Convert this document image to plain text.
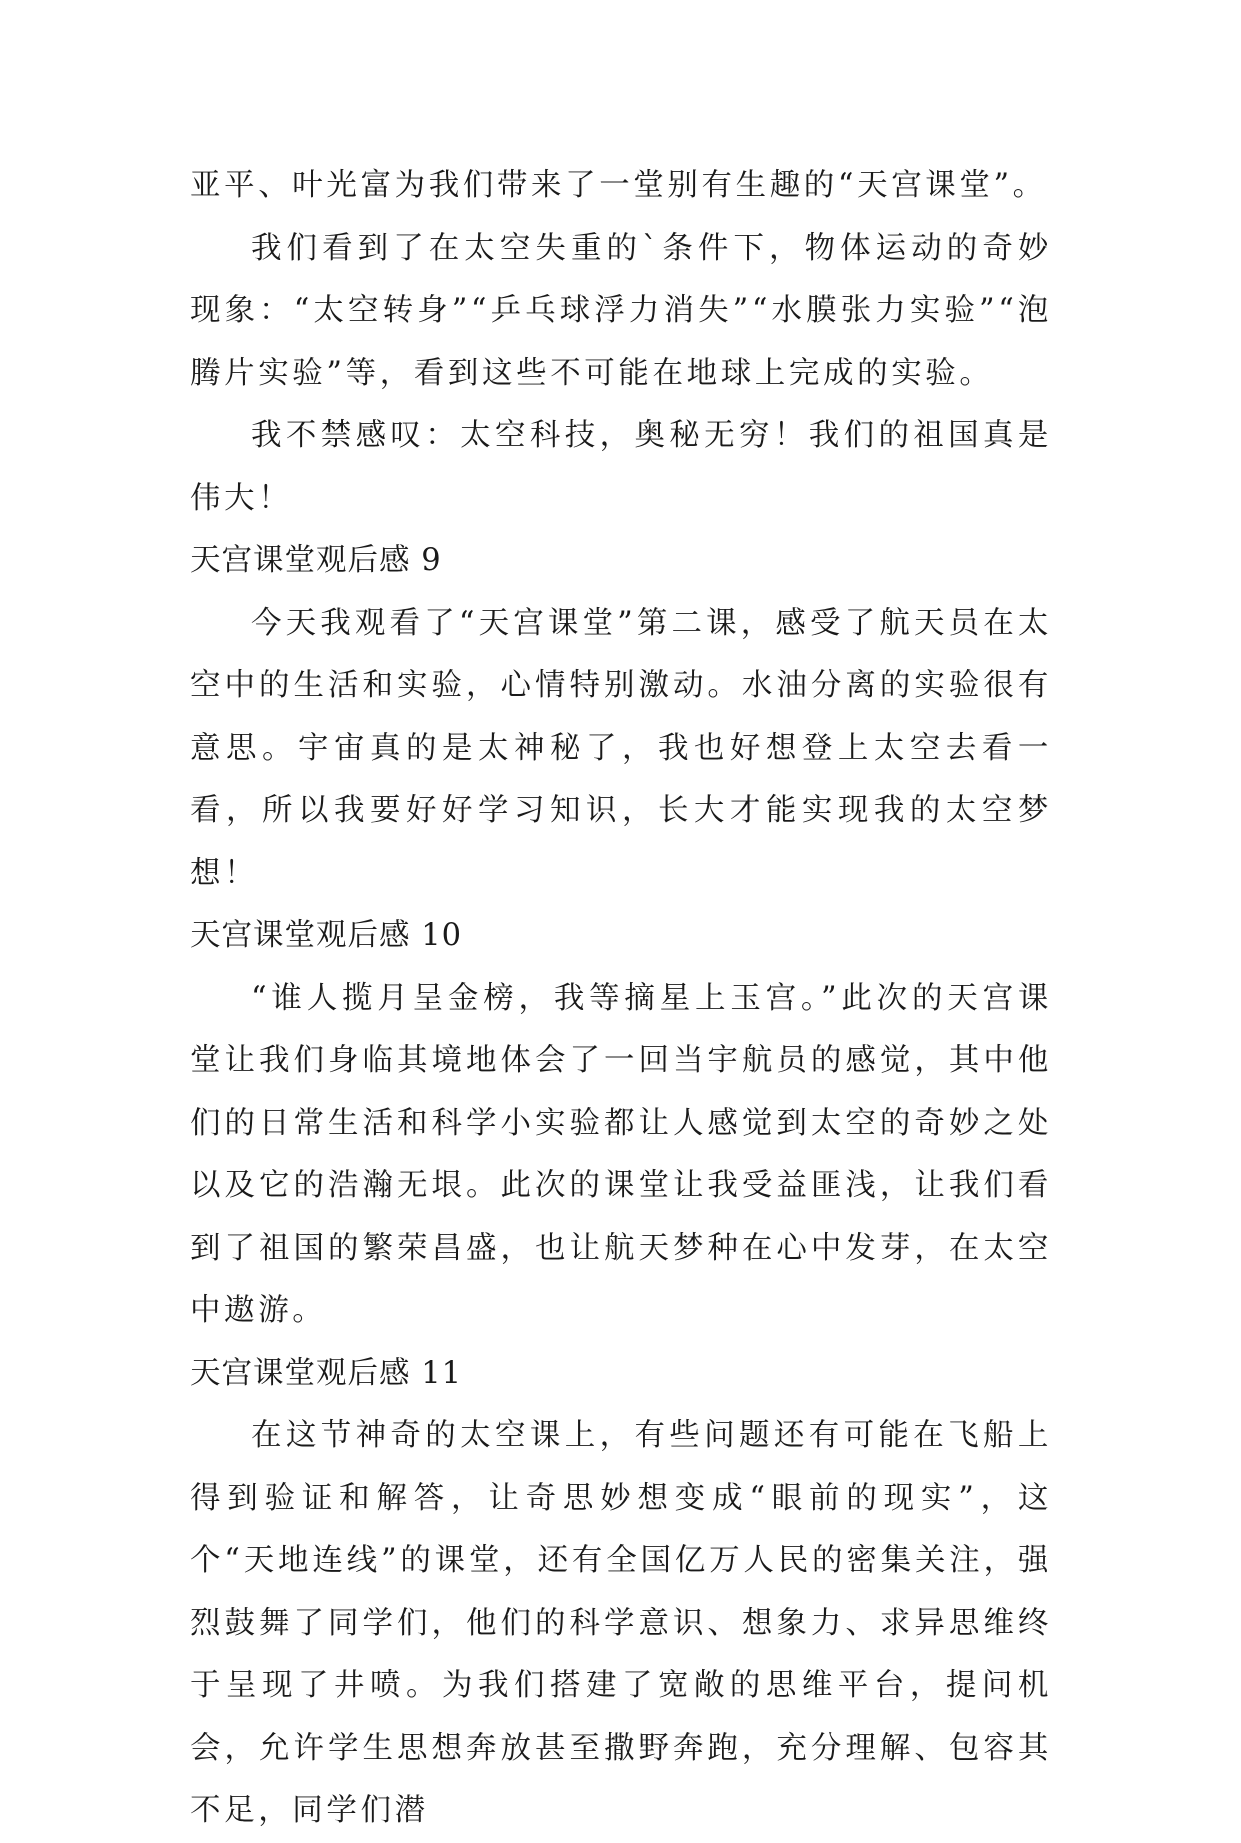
亚平、叶光富为我们带来了一堂别有生趣的“天宫课堂”。

我们看到了在太空失重的`条件下，物体运动的奇妙现象：“太空转身”“乒乓球浮力消失”“水膜张力实验”“泡腾片实验”等，看到这些不可能在地球上完成的实验。

我不禁感叹：太空科技，奥秘无穷！我们的祖国真是伟大！

天宫课堂观后感 9

今天我观看了“天宫课堂”第二课，感受了航天员在太空中的生活和实验，心情特别激动。水油分离的实验很有意思。宇宙真的是太神秘了，我也好想登上太空去看一看，所以我要好好学习知识，长大才能实现我的太空梦想！

天宫课堂观后感 10

“谁人揽月呈金榜，我等摘星上玉宫。”此次的天宫课堂让我们身临其境地体会了一回当宇航员的感觉，其中他们的日常生活和科学小实验都让人感觉到太空的奇妙之处以及它的浩瀚无垠。此次的课堂让我受益匪浅，让我们看到了祖国的繁荣昌盛，也让航天梦种在心中发芽，在太空中遨游。

天宫课堂观后感 11

在这节神奇的太空课上，有些问题还有可能在飞船上得到验证和解答，让奇思妙想变成“眼前的现实”，这个“天地连线”的课堂，还有全国亿万人民的密集关注，强烈鼓舞了同学们，他们的科学意识、想象力、求异思维终于呈现了井喷。为我们搭建了宽敞的思维平台，提问机会，允许学生思想奔放甚至撒野奔跑，充分理解、包容其不足，同学们潜
